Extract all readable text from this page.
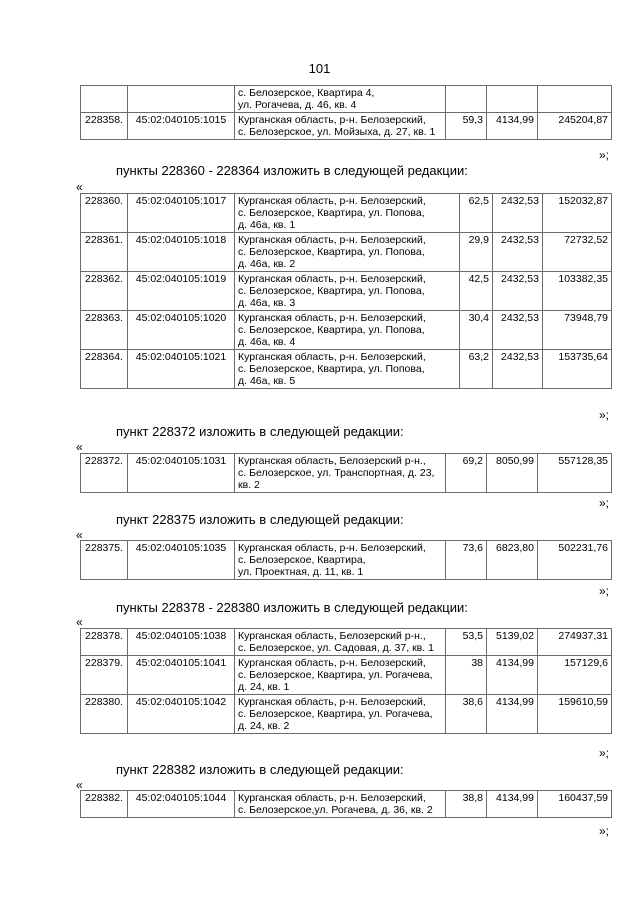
101

		с. Белозерское, Квартира 4,
ул. Рогачева, д. 46, кв. 4			

228358.	45:02:040105:1015	Курганская область, р-н. Белозерский,
с. Белозерское, ул. Мойзыха, д. 27, кв. 1	59,3	4134,99	245204,87
»;
пункты 228360 - 228364 изложить в следующей редакции:
«
228360.	45:02:040105:1017	Курганская область, р-н. Белозерский,
с. Белозерское, Квартира, ул. Попова,
д. 46а, кв. 1	62,5	2432,53	152032,87
228361.	45:02:040105:1018	Курганская область, р-н. Белозерский,
с. Белозерское, Квартира, ул. Попова,
д. 46а, кв. 2	29,9	2432,53	72732,52
228362.	45:02:040105:1019	Курганская область, р-н. Белозерский,
с. Белозерское, Квартира, ул. Попова,
д. 46а, кв. 3	42,5	2432,53	103382,35
228363.	45:02:040105:1020	Курганская область, р-н. Белозерский,
с. Белозерское, Квартира, ул. Попова,
д. 46а, кв. 4	30,4	2432,53	73948,79
228364.	45:02:040105:1021	Курганская область, р-н. Белозерский,
с. Белозерское, Квартира, ул. Попова,
д. 46а, кв. 5	63,2	2432,53	153735,64
»;
пункт 228372 изложить в следующей редакции:
«
228372.	45:02:040105:1031	Курганская область, Белозерский р-н.,
с. Белозерское, ул. Транспортная, д. 23,
кв. 2
	69,2	8050,99	557128,35
»;
пункт 228375 изложить в следующей редакции:
«
228375.	45:02:040105:1035	Курганская область, р-н. Белозерский,
с. Белозерское, Квартира,
ул. Проектная, д. 11, кв. 1
	73,6	6823,80	502231,76
»;
пункты 228378 - 228380 изложить в следующей редакции:
«
228378.	45:02:040105:1038	Курганская область, Белозерский р-н.,
с. Белозерское, ул. Садовая, д. 37, кв. 1	53,5	5139,02	274937,31
228379.	45:02:040105:1041	Курганская область, р-н. Белозерский,
с. Белозерское, Квартира, ул. Рогачева,
д. 24, кв. 1	38	4134,99	157129,6
228380.	45:02:040105:1042	Курганская область, р-н. Белозерский,
с. Белозерское, Квартира, ул. Рогачева,
д. 24, кв. 2	38,6	4134,99	159610,59
»;
пункт 228382 изложить в следующей редакции:
«
228382.	45:02:040105:1044	Курганская область, р-н. Белозерский,
с. Белозерское,ул. Рогачева, д. 36, кв. 2
	38,8	4134,99	160437,59
»;
